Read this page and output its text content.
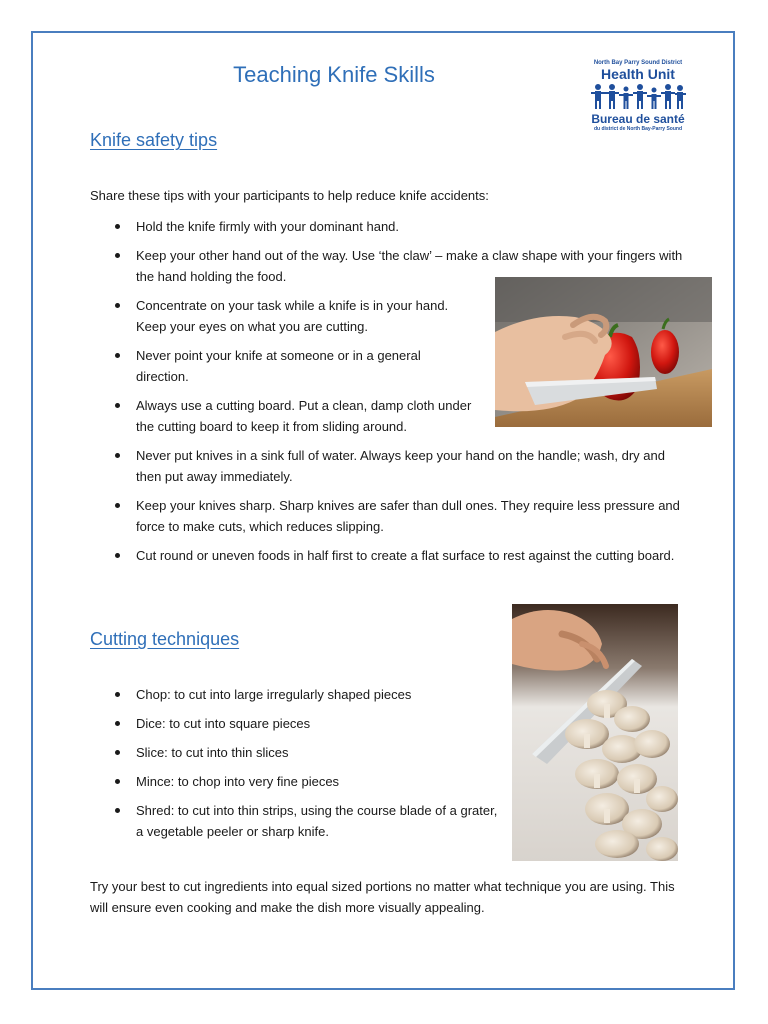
Teaching Knife Skills	North Bay Parry Sound District
Health Unit
Bureau de santé
du district de North Bay-Parry Sound
Knife safety tips

Share these tips with your participants to help reduce knife accidents:

Hold the knife firmly with your dominant hand.
Keep your other hand out of the way. Use ‘the claw’ – make a claw shape with your fingers with the hand holding the food.
Concentrate on your task while a knife is in your hand. Keep your eyes on what you are cutting.
Never point your knife at someone or in a general direction.
Always use a cutting board. Put a clean, damp cloth under the cutting board to keep it from sliding around.
Never put knives in a sink full of water. Always keep your hand on the handle; wash, dry and then put away immediately.
Keep your knives sharp. Sharp knives are safer than dull ones. They require less pressure and force to make cuts, which reduces slipping.
Cut round or uneven foods in half first to create a flat surface to rest against the cutting board.
Cutting techniques
Chop: to cut into large irregularly shaped pieces
Dice: to cut into square pieces
Slice: to cut into thin slices
Mince: to chop into very fine pieces
Shred: to cut into thin strips, using the course blade of a grater, a vegetable peeler or sharp knife.

Try your best to cut ingredients into equal sized portions no matter what technique you are using. This will ensure even cooking and make the dish more visually appealing.
